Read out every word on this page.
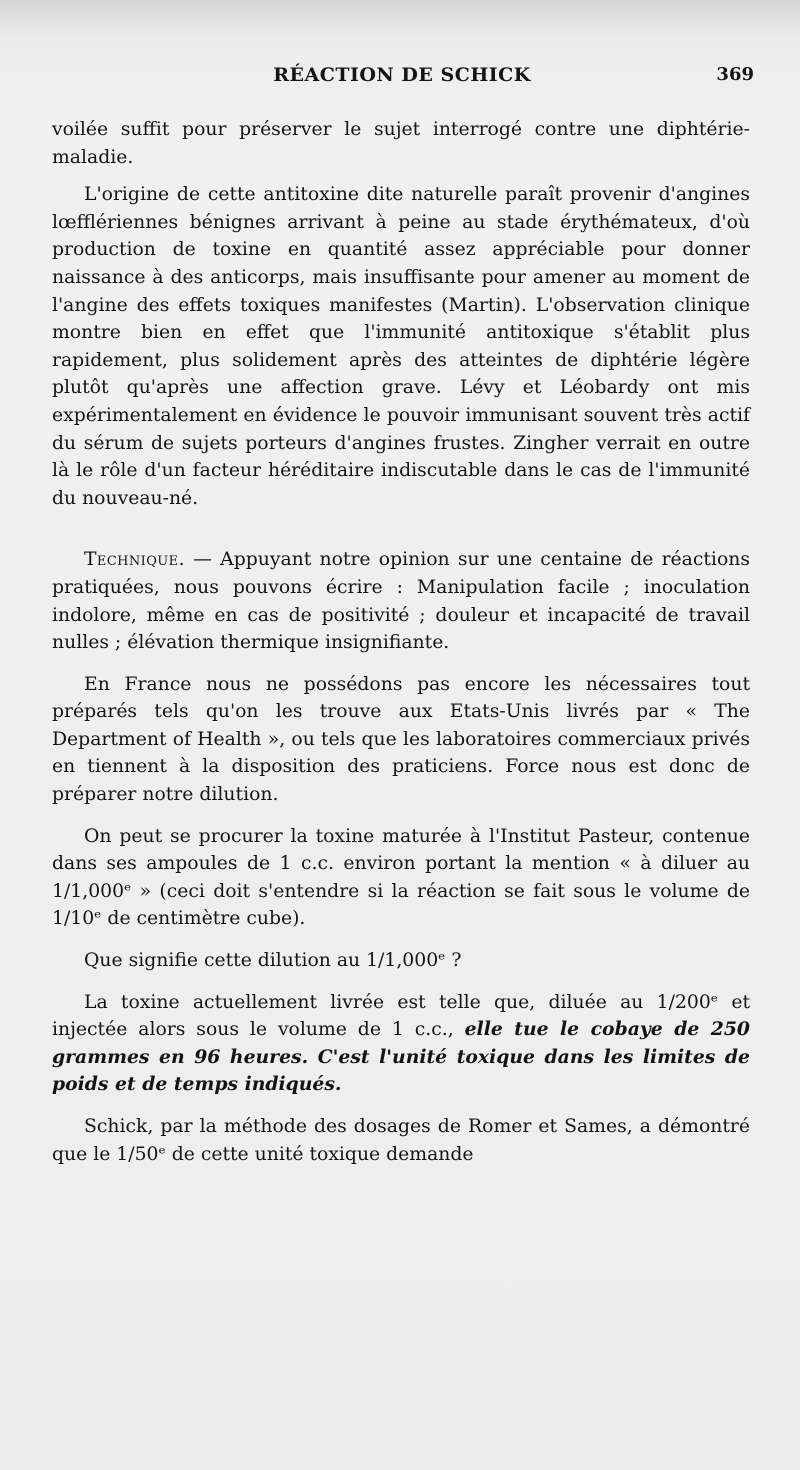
RÉACTION DE SCHICK	369

voilée suffit pour préserver le sujet interrogé contre une diphtérie-maladie.

L'origine de cette antitoxine dite naturelle paraît provenir d'angines lœfflériennes bénignes arrivant à peine au stade érythémateux, d'où production de toxine en quantité assez appréciable pour donner naissance à des anticorps, mais insuffisante pour amener au moment de l'angine des effets toxiques manifestes (Martin). L'observation clinique montre bien en effet que l'immunité antitoxique s'établit plus rapidement, plus solidement après des atteintes de diphtérie légère plutôt qu'après une affection grave. Lévy et Léobardy ont mis expérimentalement en évidence le pouvoir immunisant souvent très actif du sérum de sujets porteurs d'angines frustes. Zingher verrait en outre là le rôle d'un facteur héréditaire indiscutable dans le cas de l'immunité du nouveau-né.

Technique. — Appuyant notre opinion sur une centaine de réactions pratiquées, nous pouvons écrire : Manipulation facile ; inoculation indolore, même en cas de positivité ; douleur et incapacité de travail nulles ; élévation thermique insignifiante.

En France nous ne possédons pas encore les nécessaires tout préparés tels qu'on les trouve aux Etats-Unis livrés par « The Department of Health », ou tels que les laboratoires commerciaux privés en tiennent à la disposition des praticiens. Force nous est donc de préparer notre dilution.

On peut se procurer la toxine maturée à l'Institut Pasteur, contenue dans ses ampoules de 1 c.c. environ portant la mention « à diluer au 1/1,000ᵉ » (ceci doit s'entendre si la réaction se fait sous le volume de 1/10ᵉ de centimètre cube).

Que signifie cette dilution au 1/1,000ᵉ ?

La toxine actuellement livrée est telle que, diluée au 1/200ᵉ et injectée alors sous le volume de 1 c.c., elle tue le cobaye de 250 grammes en 96 heures. C'est l'unité toxique dans les limites de poids et de temps indiqués.

Schick, par la méthode des dosages de Romer et Sames, a démontré que le 1/50ᵉ de cette unité toxique demande
